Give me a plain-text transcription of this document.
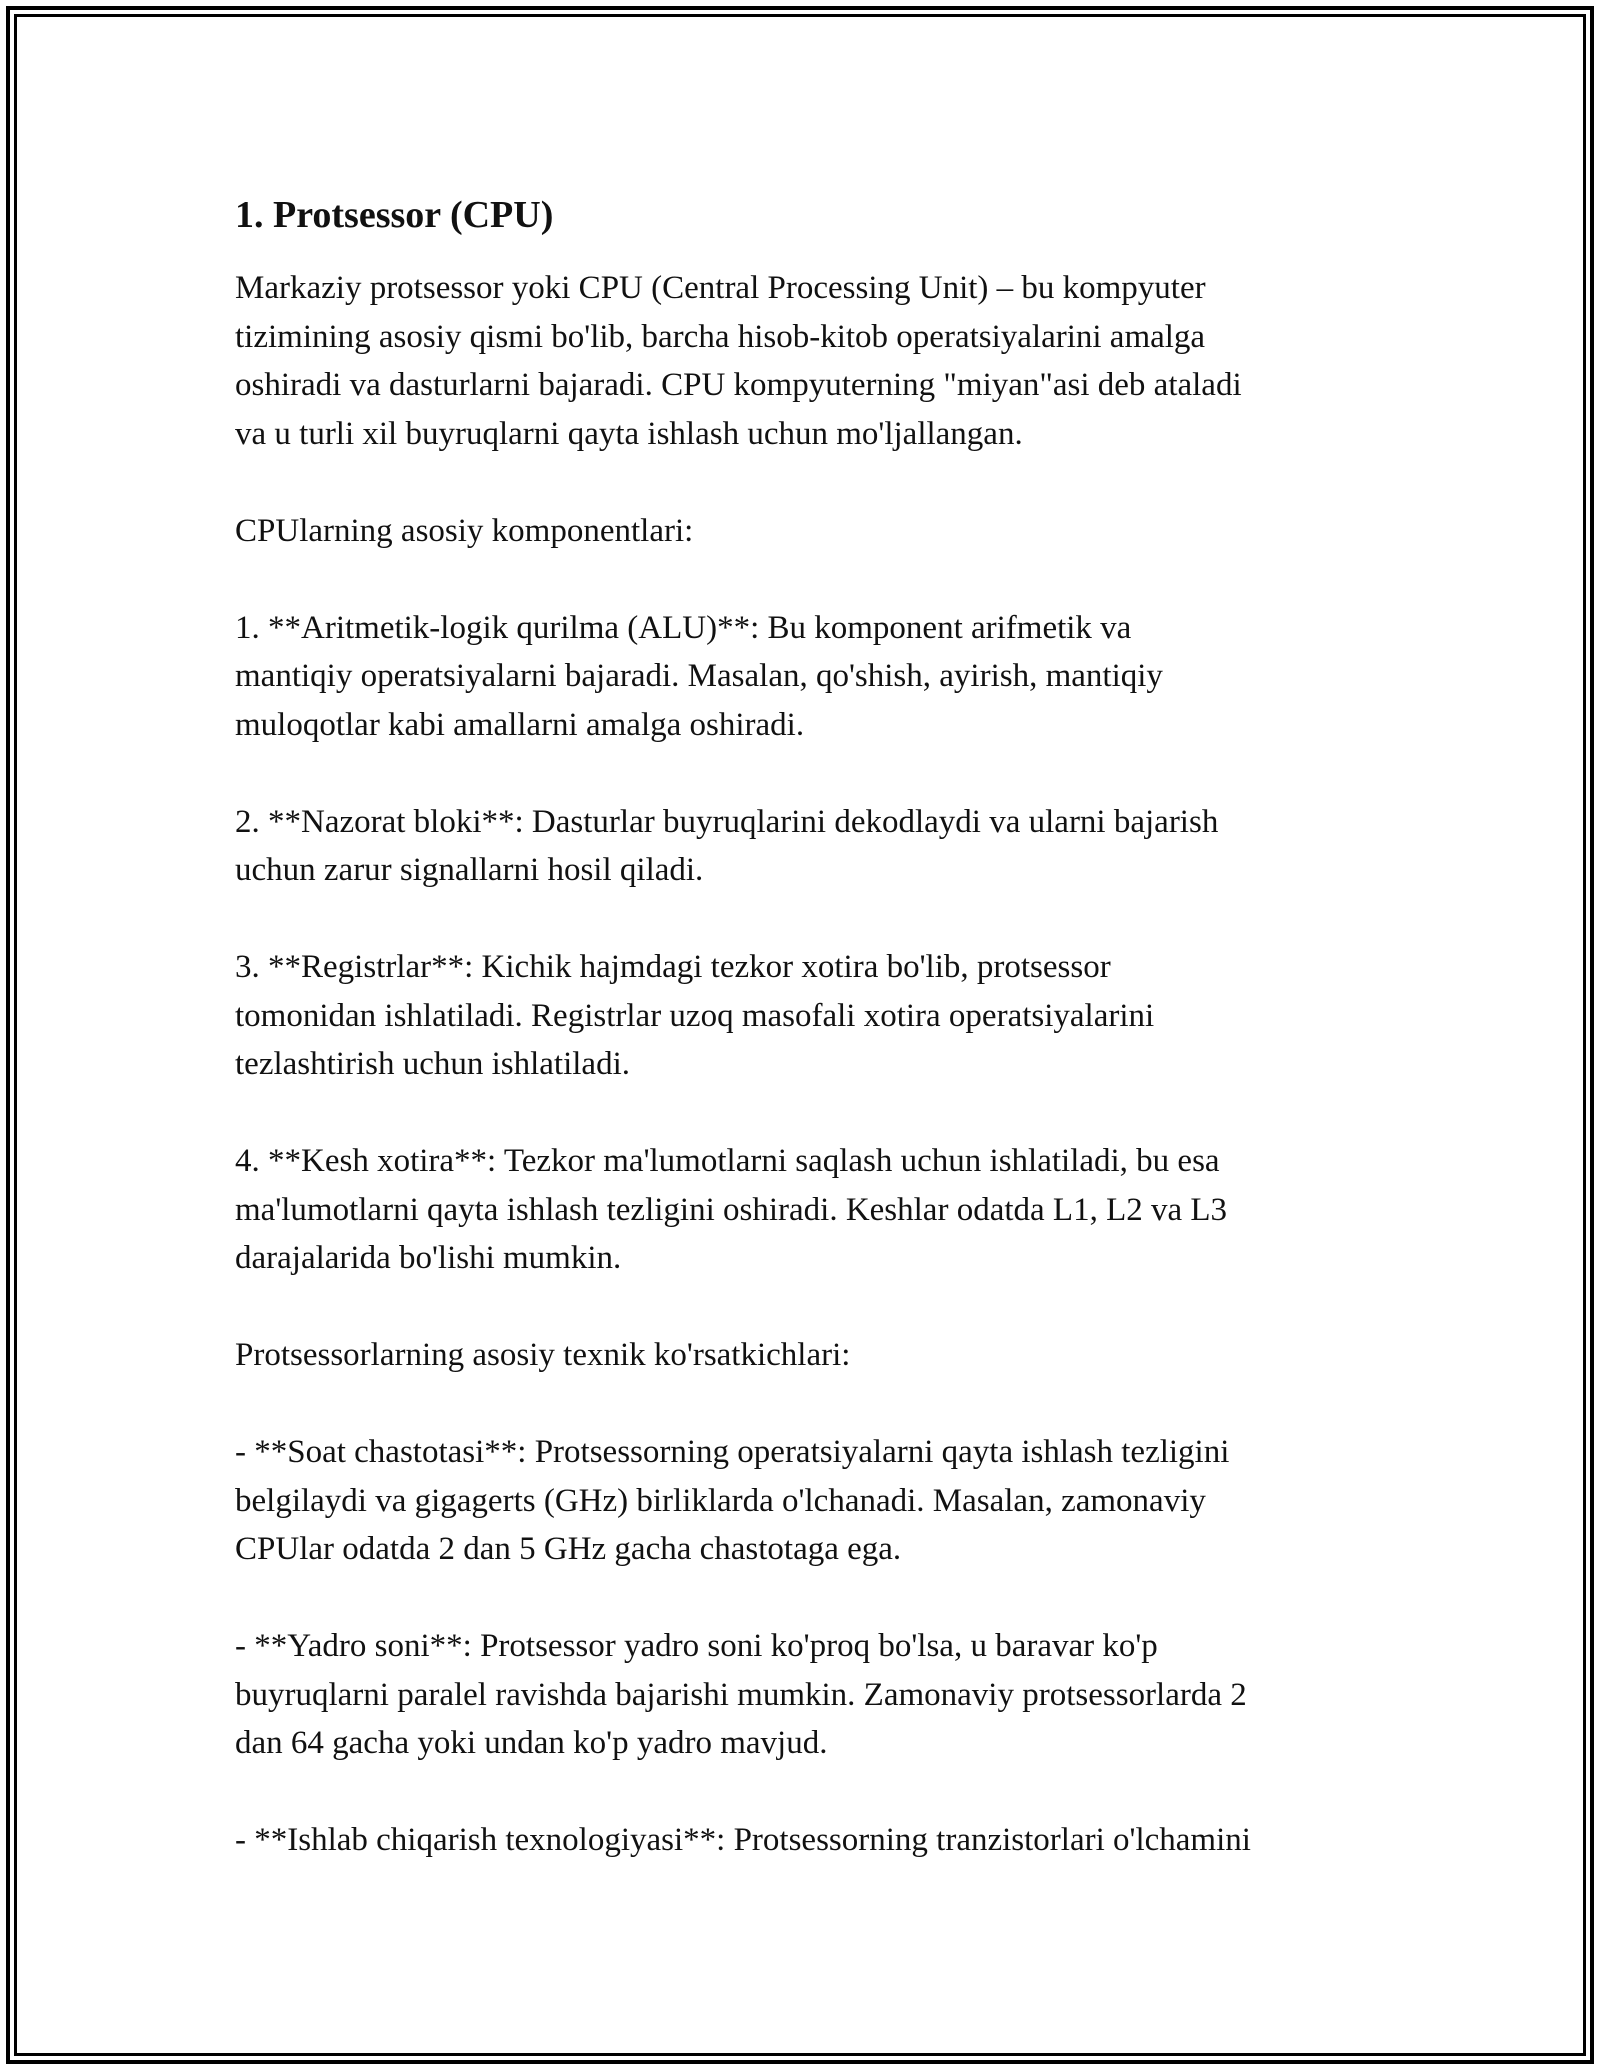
1. Protsessor (CPU)

Markaziy protsessor yoki CPU (Central Processing Unit) – bu kompyuter
tizimining asosiy qismi bo'lib, barcha hisob-kitob operatsiyalarini amalga
oshiradi va dasturlarni bajaradi. CPU kompyuterning "miyan"asi deb ataladi
va u turli xil buyruqlarni qayta ishlash uchun mo'ljallangan.

CPUlarning asosiy komponentlari:

1. **Aritmetik-logik qurilma (ALU)**: Bu komponent arifmetik va
mantiqiy operatsiyalarni bajaradi. Masalan, qo'shish, ayirish, mantiqiy
muloqotlar kabi amallarni amalga oshiradi.

2. **Nazorat bloki**: Dasturlar buyruqlarini dekodlaydi va ularni bajarish
uchun zarur signallarni hosil qiladi.

3. **Registrlar**: Kichik hajmdagi tezkor xotira bo'lib, protsessor
tomonidan ishlatiladi. Registrlar uzoq masofali xotira operatsiyalarini
tezlashtirish uchun ishlatiladi.

4. **Kesh xotira**: Tezkor ma'lumotlarni saqlash uchun ishlatiladi, bu esa
ma'lumotlarni qayta ishlash tezligini oshiradi. Keshlar odatda L1, L2 va L3
darajalarida bo'lishi mumkin.

Protsessorlarning asosiy texnik ko'rsatkichlari:

- **Soat chastotasi**: Protsessorning operatsiyalarni qayta ishlash tezligini
belgilaydi va gigagerts (GHz) birliklarda o'lchanadi. Masalan, zamonaviy
CPUlar odatda 2 dan 5 GHz gacha chastotaga ega.

- **Yadro soni**: Protsessor yadro soni ko'proq bo'lsa, u baravar ko'p
buyruqlarni paralel ravishda bajarishi mumkin. Zamonaviy protsessorlarda 2
dan 64 gacha yoki undan ko'p yadro mavjud.

- **Ishlab chiqarish texnologiyasi**: Protsessorning tranzistorlari o'lchamini
